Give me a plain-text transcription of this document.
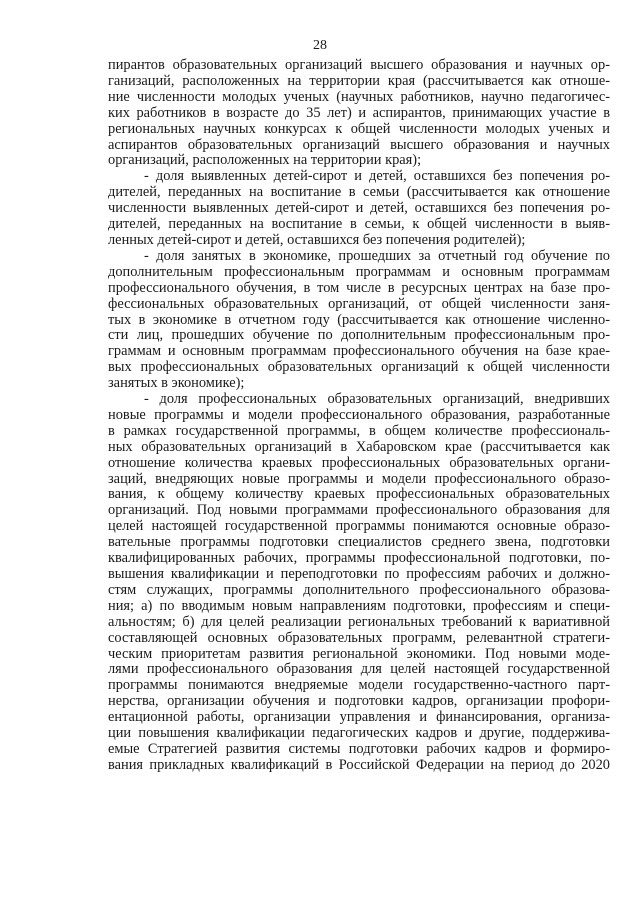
28
пирантов образовательных организаций высшего образования и научных ор-
ганизаций, расположенных на территории края (рассчитывается как отноше-
ние численности молодых ученых (научных работников, научно педагогичес-
ких работников в возрасте до 35 лет) и аспирантов, принимающих участие в
региональных научных конкурсах к общей численности молодых ученых и
аспирантов образовательных организаций высшего образования и научных
организаций, расположенных на территории края);
- доля выявленных детей-сирот и детей, оставшихся без попечения ро-
дителей, переданных на воспитание в семьи (рассчитывается как отношение
численности выявленных детей-сирот и детей, оставшихся без попечения ро-
дителей, переданных на воспитание в семьи, к общей численности в выяв-
ленных детей-сирот и детей, оставшихся без попечения родителей);
- доля занятых в экономике, прошедших за отчетный год обучение по
дополнительным профессиональным программам и основным программам
профессионального обучения, в том числе в ресурсных центрах на базе про-
фессиональных образовательных организаций, от общей численности заня-
тых в экономике в отчетном году (рассчитывается как отношение численно-
сти лиц, прошедших обучение по дополнительным профессиональным про-
граммам и основным программам профессионального обучения на базе крае-
вых профессиональных образовательных организаций к общей численности
занятых в экономике);
- доля профессиональных образовательных организаций, внедривших
новые программы и модели профессионального образования, разработанные
в рамках государственной программы, в общем количестве профессиональ-
ных образовательных организаций в Хабаровском крае (рассчитывается как
отношение количества краевых профессиональных образовательных органи-
заций, внедряющих новые программы и модели профессионального образо-
вания, к общему количеству краевых профессиональных образовательных
организаций. Под новыми программами профессионального образования для
целей настоящей государственной программы понимаются основные образо-
вательные программы подготовки специалистов среднего звена, подготовки
квалифицированных рабочих, программы профессиональной подготовки, по-
вышения квалификации и переподготовки по профессиям рабочих и должно-
стям служащих, программы дополнительного профессионального образова-
ния; а) по вводимым новым направлениям подготовки, профессиям и специ-
альностям; б) для целей реализации региональных требований к вариативной
составляющей основных образовательных программ, релевантной стратеги-
ческим приоритетам развития региональной экономики. Под новыми моде-
лями профессионального образования для целей настоящей государственной
программы понимаются внедряемые модели государственно-частного парт-
нерства, организации обучения и подготовки кадров, организации профори-
ентационной работы, организации управления и финансирования, организа-
ции повышения квалификации педагогических кадров и другие, поддержива-
емые Стратегией развития системы подготовки рабочих кадров и формиро-
вания прикладных квалификаций в Российской Федерации на период до 2020
